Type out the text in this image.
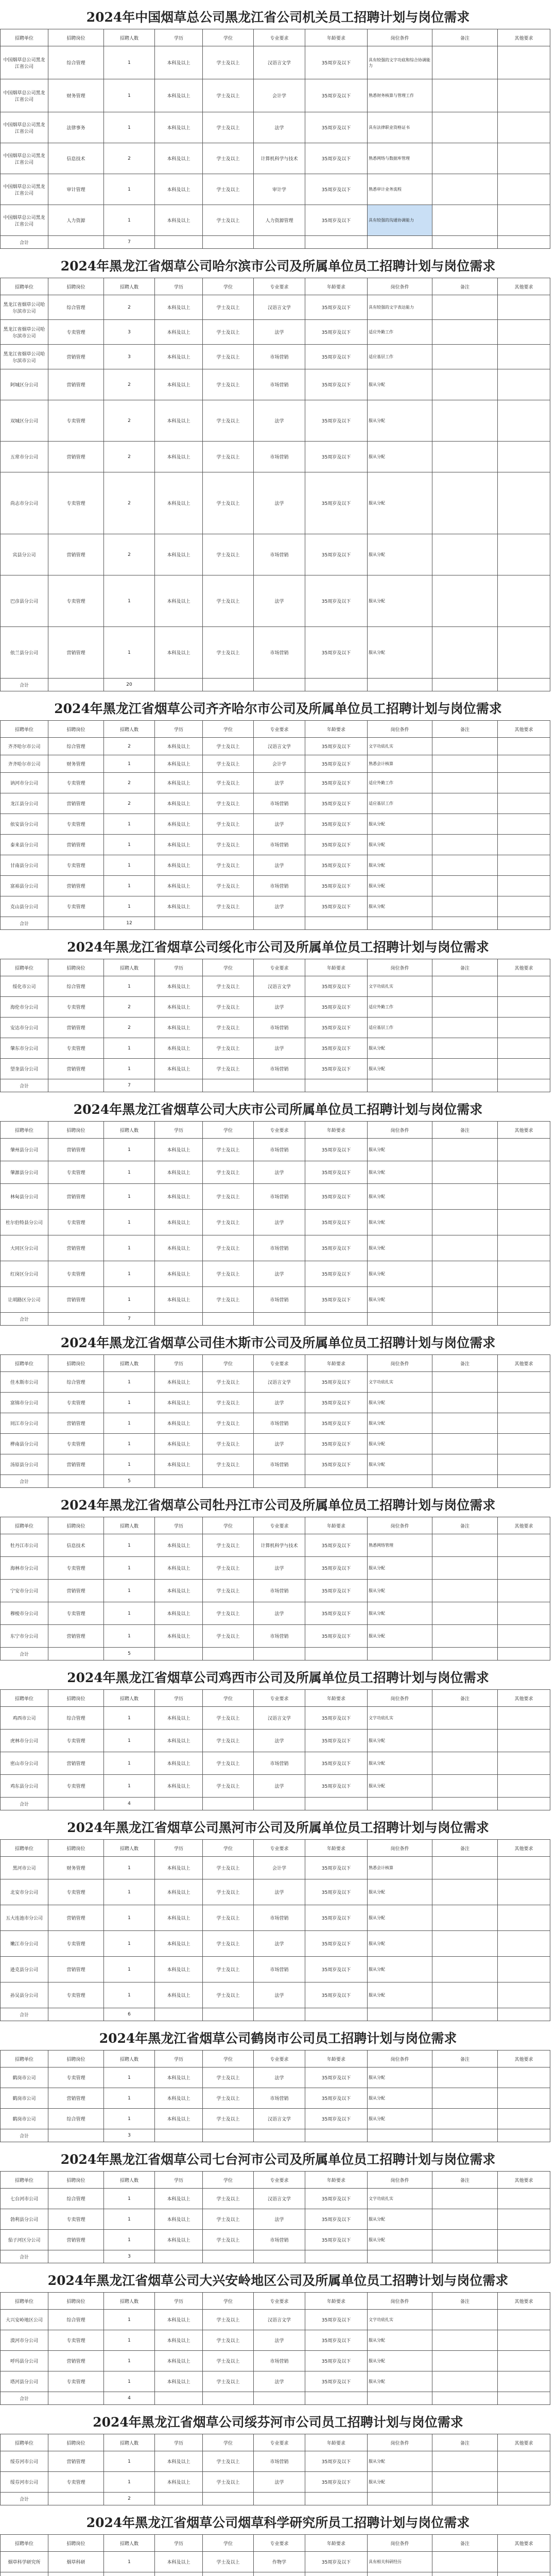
2024年中国烟草总公司黑龙江省公司机关员工招聘计划与岗位需求
招聘单位	招聘岗位	招聘人数	学历	学位	专业要求	年龄要求	岗位条件	备注	其他要求
中国烟草总公司黑龙江省公司	综合管理	1	本科及以上	学士及以上	汉语言文学	35周岁及以下	具有较强的文字功底和综合协调能力		
中国烟草总公司黑龙江省公司	财务管理	1	本科及以上	学士及以上	会计学	35周岁及以下	熟悉财务核算与管理工作		
中国烟草总公司黑龙江省公司	法律事务	1	本科及以上	学士及以上	法学	35周岁及以下	具有法律职业资格证书		
中国烟草总公司黑龙江省公司	信息技术	2	本科及以上	学士及以上	计算机科学与技术	35周岁及以下	熟悉网络与数据库管理		
中国烟草总公司黑龙江省公司	审计管理	1	本科及以上	学士及以上	审计学	35周岁及以下	熟悉审计业务流程		
中国烟草总公司黑龙江省公司	人力资源	1	本科及以上	学士及以上	人力资源管理	35周岁及以下	具有较强的沟通协调能力		
合计		7							
2024年黑龙江省烟草公司哈尔滨市公司及所属单位员工招聘计划与岗位需求
招聘单位	招聘岗位	招聘人数	学历	学位	专业要求	年龄要求	岗位条件	备注	其他要求
黑龙江省烟草公司哈尔滨市公司	综合管理	2	本科及以上	学士及以上	汉语言文学	35周岁及以下	具有较强的文字表达能力		
黑龙江省烟草公司哈尔滨市公司	专卖管理	3	本科及以上	学士及以上	法学	35周岁及以下	适应外勤工作		
黑龙江省烟草公司哈尔滨市公司	营销管理	3	本科及以上	学士及以上	市场营销	35周岁及以下	适应基层工作		
阿城区分公司	营销管理	2	本科及以上	学士及以上	市场营销	35周岁及以下	服从分配		
双城区分公司	专卖管理	2	本科及以上	学士及以上	法学	35周岁及以下	服从分配		
五常市分公司	营销管理	2	本科及以上	学士及以上	市场营销	35周岁及以下	服从分配		
尚志市分公司	专卖管理	2	本科及以上	学士及以上	法学	35周岁及以下	服从分配		
宾县分公司	营销管理	2	本科及以上	学士及以上	市场营销	35周岁及以下	服从分配		
巴彦县分公司	专卖管理	1	本科及以上	学士及以上	法学	35周岁及以下	服从分配		
依兰县分公司	营销管理	1	本科及以上	学士及以上	市场营销	35周岁及以下	服从分配		
合计		20							
2024年黑龙江省烟草公司齐齐哈尔市公司及所属单位员工招聘计划与岗位需求
招聘单位	招聘岗位	招聘人数	学历	学位	专业要求	年龄要求	岗位条件	备注	其他要求
齐齐哈尔市公司	综合管理	2	本科及以上	学士及以上	汉语言文学	35周岁及以下	文字功底扎实		
齐齐哈尔市公司	财务管理	1	本科及以上	学士及以上	会计学	35周岁及以下	熟悉会计核算		
讷河市分公司	专卖管理	2	本科及以上	学士及以上	法学	35周岁及以下	适应外勤工作		
龙江县分公司	营销管理	2	本科及以上	学士及以上	市场营销	35周岁及以下	适应基层工作		
依安县分公司	专卖管理	1	本科及以上	学士及以上	法学	35周岁及以下	服从分配		
泰来县分公司	营销管理	1	本科及以上	学士及以上	市场营销	35周岁及以下	服从分配		
甘南县分公司	专卖管理	1	本科及以上	学士及以上	法学	35周岁及以下	服从分配		
富裕县分公司	营销管理	1	本科及以上	学士及以上	市场营销	35周岁及以下	服从分配		
克山县分公司	专卖管理	1	本科及以上	学士及以上	法学	35周岁及以下	服从分配		
合计		12							
2024年黑龙江省烟草公司绥化市公司及所属单位员工招聘计划与岗位需求
招聘单位	招聘岗位	招聘人数	学历	学位	专业要求	年龄要求	岗位条件	备注	其他要求
绥化市公司	综合管理	1	本科及以上	学士及以上	汉语言文学	35周岁及以下	文字功底扎实		
海伦市分公司	专卖管理	2	本科及以上	学士及以上	法学	35周岁及以下	适应外勤工作		
安达市分公司	营销管理	2	本科及以上	学士及以上	市场营销	35周岁及以下	适应基层工作		
肇东市分公司	专卖管理	1	本科及以上	学士及以上	法学	35周岁及以下	服从分配		
望奎县分公司	营销管理	1	本科及以上	学士及以上	市场营销	35周岁及以下	服从分配		
合计		7							
2024年黑龙江省烟草公司大庆市公司所属单位员工招聘计划与岗位需求
招聘单位	招聘岗位	招聘人数	学历	学位	专业要求	年龄要求	岗位条件	备注	其他要求
肇州县分公司	营销管理	1	本科及以上	学士及以上	市场营销	35周岁及以下	服从分配		
肇源县分公司	专卖管理	1	本科及以上	学士及以上	法学	35周岁及以下	服从分配		
林甸县分公司	营销管理	1	本科及以上	学士及以上	市场营销	35周岁及以下	服从分配		
杜尔伯特县分公司	专卖管理	1	本科及以上	学士及以上	法学	35周岁及以下	服从分配		
大同区分公司	营销管理	1	本科及以上	学士及以上	市场营销	35周岁及以下	服从分配		
红岗区分公司	专卖管理	1	本科及以上	学士及以上	法学	35周岁及以下	服从分配		
让胡路区分公司	营销管理	1	本科及以上	学士及以上	市场营销	35周岁及以下	服从分配		
合计		7							
2024年黑龙江省烟草公司佳木斯市公司及所属单位员工招聘计划与岗位需求
招聘单位	招聘岗位	招聘人数	学历	学位	专业要求	年龄要求	岗位条件	备注	其他要求
佳木斯市公司	综合管理	1	本科及以上	学士及以上	汉语言文学	35周岁及以下	文字功底扎实		
富锦市分公司	专卖管理	1	本科及以上	学士及以上	法学	35周岁及以下	服从分配		
同江市分公司	营销管理	1	本科及以上	学士及以上	市场营销	35周岁及以下	服从分配		
桦南县分公司	专卖管理	1	本科及以上	学士及以上	法学	35周岁及以下	服从分配		
汤原县分公司	营销管理	1	本科及以上	学士及以上	市场营销	35周岁及以下	服从分配		
合计		5							
2024年黑龙江省烟草公司牡丹江市公司及所属单位员工招聘计划与岗位需求
招聘单位	招聘岗位	招聘人数	学历	学位	专业要求	年龄要求	岗位条件	备注	其他要求
牡丹江市公司	信息技术	1	本科及以上	学士及以上	计算机科学与技术	35周岁及以下	熟悉网络管理		
海林市分公司	专卖管理	1	本科及以上	学士及以上	法学	35周岁及以下	服从分配		
宁安市分公司	营销管理	1	本科及以上	学士及以上	市场营销	35周岁及以下	服从分配		
穆棱市分公司	专卖管理	1	本科及以上	学士及以上	法学	35周岁及以下	服从分配		
东宁市分公司	营销管理	1	本科及以上	学士及以上	市场营销	35周岁及以下	服从分配		
合计		5							
2024年黑龙江省烟草公司鸡西市公司及所属单位员工招聘计划与岗位需求
招聘单位	招聘岗位	招聘人数	学历	学位	专业要求	年龄要求	岗位条件	备注	其他要求
鸡西市公司	综合管理	1	本科及以上	学士及以上	汉语言文学	35周岁及以下	文字功底扎实		
虎林市分公司	专卖管理	1	本科及以上	学士及以上	法学	35周岁及以下	服从分配		
密山市分公司	营销管理	1	本科及以上	学士及以上	市场营销	35周岁及以下	服从分配		
鸡东县分公司	专卖管理	1	本科及以上	学士及以上	法学	35周岁及以下	服从分配		
合计		4							
2024年黑龙江省烟草公司黑河市公司及所属单位员工招聘计划与岗位需求
招聘单位	招聘岗位	招聘人数	学历	学位	专业要求	年龄要求	岗位条件	备注	其他要求
黑河市公司	财务管理	1	本科及以上	学士及以上	会计学	35周岁及以下	熟悉会计核算		
北安市分公司	专卖管理	1	本科及以上	学士及以上	法学	35周岁及以下	服从分配		
五大连池市分公司	营销管理	1	本科及以上	学士及以上	市场营销	35周岁及以下	服从分配		
嫩江市分公司	专卖管理	1	本科及以上	学士及以上	法学	35周岁及以下	服从分配		
逊克县分公司	营销管理	1	本科及以上	学士及以上	市场营销	35周岁及以下	服从分配		
孙吴县分公司	专卖管理	1	本科及以上	学士及以上	法学	35周岁及以下	服从分配		
合计		6							
2024年黑龙江省烟草公司鹤岗市公司员工招聘计划与岗位需求
招聘单位	招聘岗位	招聘人数	学历	学位	专业要求	年龄要求	岗位条件	备注	其他要求
鹤岗市公司	专卖管理	1	本科及以上	学士及以上	法学	35周岁及以下	服从分配		
鹤岗市公司	营销管理	1	本科及以上	学士及以上	市场营销	35周岁及以下	服从分配		
鹤岗市公司	综合管理	1	本科及以上	学士及以上	汉语言文学	35周岁及以下	服从分配		
合计		3							
2024年黑龙江省烟草公司七台河市公司及所属单位员工招聘计划与岗位需求
招聘单位	招聘岗位	招聘人数	学历	学位	专业要求	年龄要求	岗位条件	备注	其他要求
七台河市公司	综合管理	1	本科及以上	学士及以上	汉语言文学	35周岁及以下	文字功底扎实		
勃利县分公司	专卖管理	1	本科及以上	学士及以上	法学	35周岁及以下	服从分配		
茄子河区分公司	营销管理	1	本科及以上	学士及以上	市场营销	35周岁及以下	服从分配		
合计		3							
2024年黑龙江省烟草公司大兴安岭地区公司及所属单位员工招聘计划与岗位需求
招聘单位	招聘岗位	招聘人数	学历	学位	专业要求	年龄要求	岗位条件	备注	其他要求
大兴安岭地区公司	综合管理	1	本科及以上	学士及以上	汉语言文学	35周岁及以下	文字功底扎实		
漠河市分公司	专卖管理	1	本科及以上	学士及以上	法学	35周岁及以下	服从分配		
呼玛县分公司	营销管理	1	本科及以上	学士及以上	市场营销	35周岁及以下	服从分配		
塔河县分公司	专卖管理	1	本科及以上	学士及以上	法学	35周岁及以下	服从分配		
合计		4							
2024年黑龙江省烟草公司绥芬河市公司员工招聘计划与岗位需求
招聘单位	招聘岗位	招聘人数	学历	学位	专业要求	年龄要求	岗位条件	备注	其他要求
绥芬河市公司	营销管理	1	本科及以上	学士及以上	市场营销	35周岁及以下	服从分配		
绥芬河市公司	专卖管理	1	本科及以上	学士及以上	法学	35周岁及以下	服从分配		
合计		2							
2024年黑龙江省烟草公司烟草科学研究所员工招聘计划与岗位需求
招聘单位	招聘岗位	招聘人数	学历	学位	专业要求	年龄要求	岗位条件	备注	其他要求
烟草科学研究所	烟草科研	1	本科及以上	学士及以上	作物学	35周岁及以下	具有相关科研经历		
